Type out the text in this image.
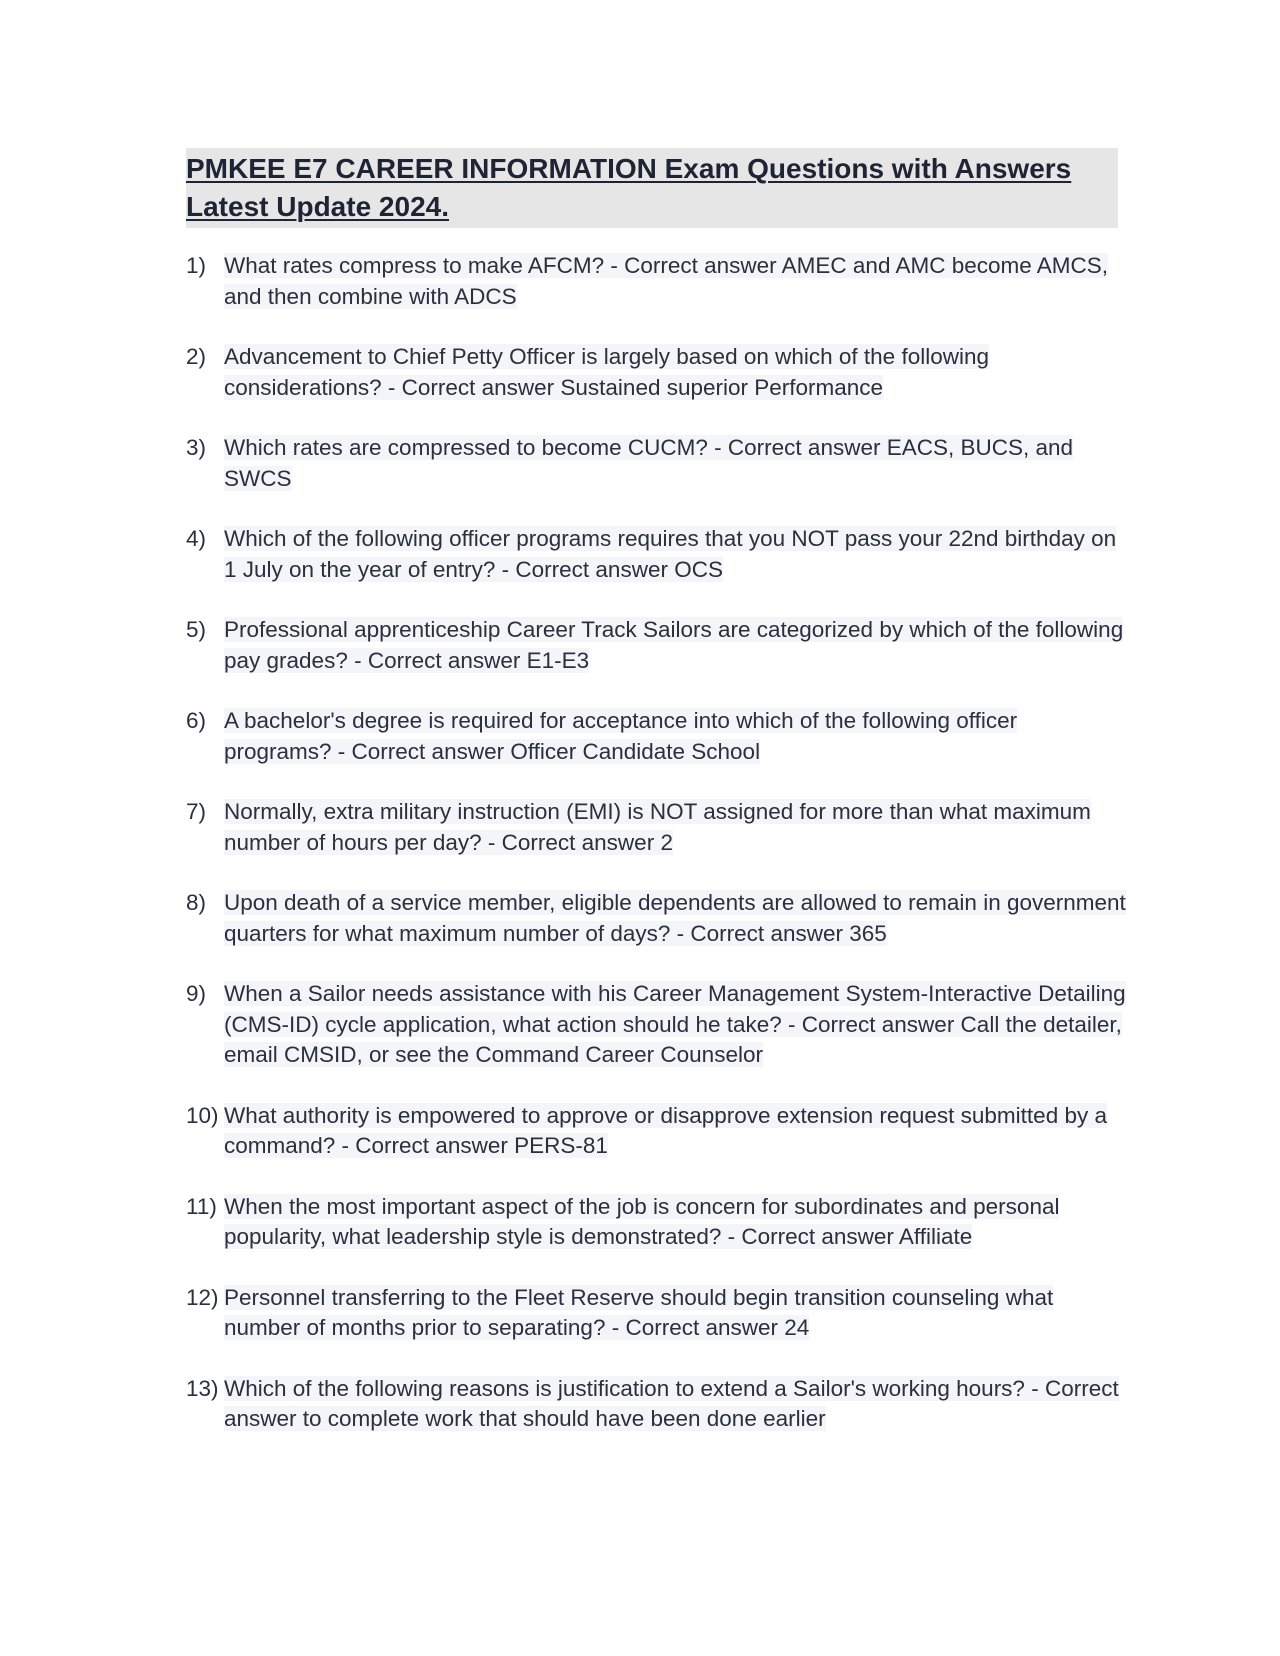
PMKEE E7 CAREER INFORMATION Exam Questions with Answers
Latest Update 2024.
1) What rates compress to make AFCM? - Correct answer AMEC and AMC become AMCS, and then combine with ADCS
2) Advancement to Chief Petty Officer is largely based on which of the following considerations? - Correct answer Sustained superior Performance
3) Which rates are compressed to become CUCM? - Correct answer EACS, BUCS, and SWCS
4) Which of the following officer programs requires that you NOT pass your 22nd birthday on 1 July on the year of entry? - Correct answer OCS
5) Professional apprenticeship Career Track Sailors are categorized by which of the following pay grades? - Correct answer E1-E3
6) A bachelor's degree is required for acceptance into which of the following officer programs? - Correct answer Officer Candidate School
7) Normally, extra military instruction (EMI) is NOT assigned for more than what maximum number of hours per day? - Correct answer 2
8) Upon death of a service member, eligible dependents are allowed to remain in government quarters for what maximum number of days? - Correct answer 365
9) When a Sailor needs assistance with his Career Management System-Interactive Detailing (CMS-ID) cycle application, what action should he take? - Correct answer Call the detailer, email CMSID, or see the Command Career Counselor
10) What authority is empowered to approve or disapprove extension request submitted by a command? - Correct answer PERS-81
11) When the most important aspect of the job is concern for subordinates and personal popularity, what leadership style is demonstrated? - Correct answer Affiliate
12) Personnel transferring to the Fleet Reserve should begin transition counseling what number of months prior to separating? - Correct answer 24
13) Which of the following reasons is justification to extend a Sailor's working hours? - Correct answer to complete work that should have been done earlier
